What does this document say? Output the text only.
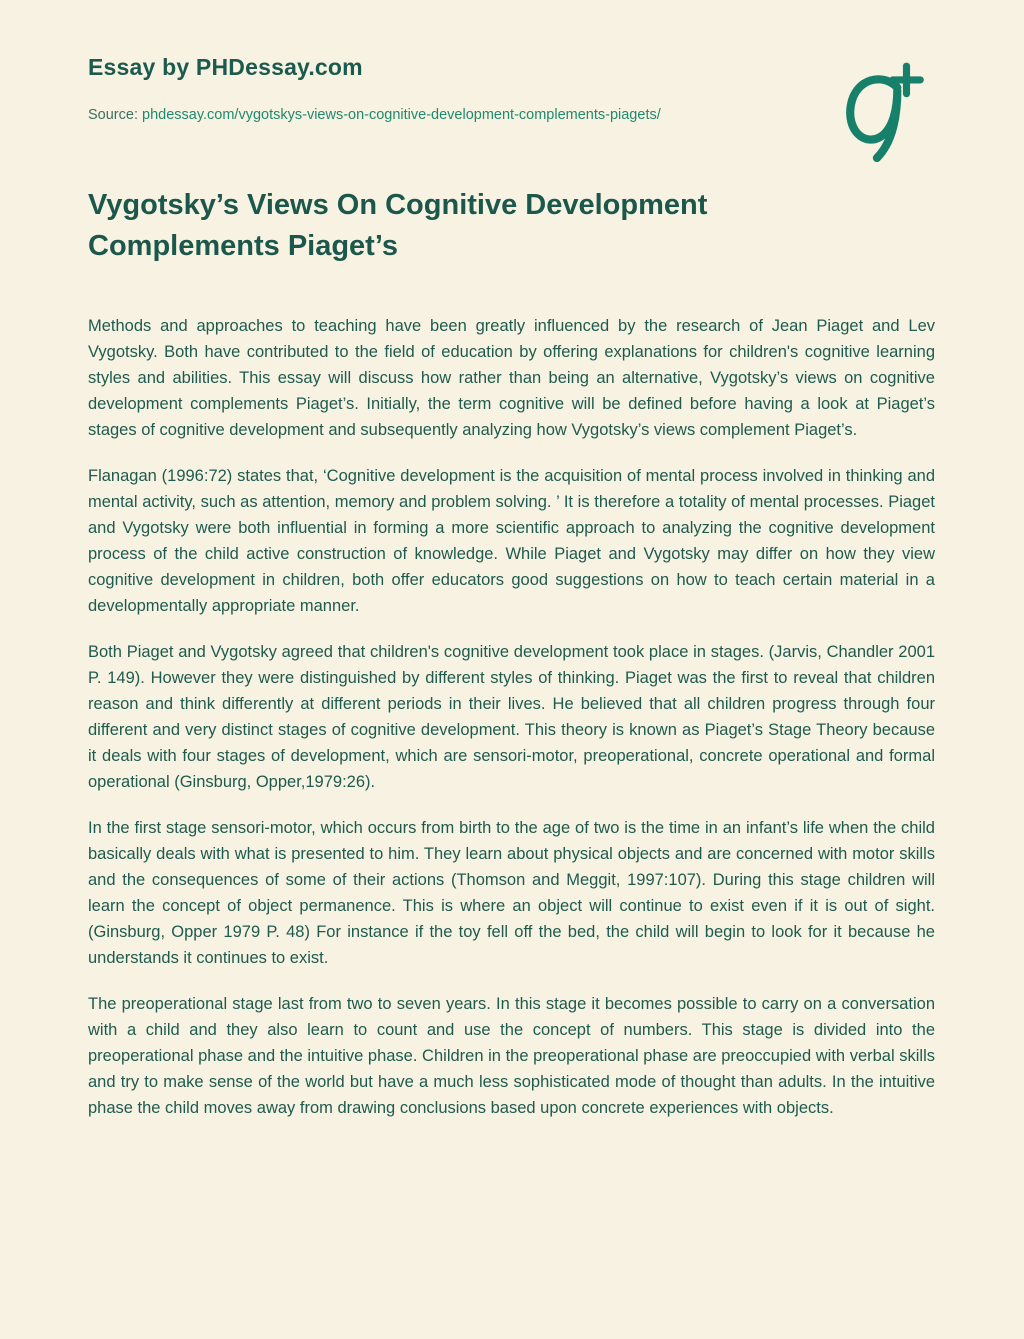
Essay by PHDessay.com

Source: phdessay.com/vygotskys-views-on-cognitive-development-complements-piagets/

Vygotsky’s Views On Cognitive Development Complements Piaget’s

Methods and approaches to teaching have been greatly influenced by the research of Jean Piaget and Lev Vygotsky. Both have contributed to the field of education by offering explanations for children's cognitive learning styles and abilities. This essay will discuss how rather than being an alternative, Vygotsky’s views on cognitive development complements Piaget’s. Initially, the term cognitive will be defined before having a look at Piaget’s stages of cognitive development and subsequently analyzing how Vygotsky’s views complement Piaget’s.

Flanagan (1996:72) states that, ‘Cognitive development is the acquisition of mental process involved in thinking and mental activity, such as attention, memory and problem solving. ’ It is therefore a totality of mental processes. Piaget and Vygotsky were both influential in forming a more scientific approach to analyzing the cognitive development process of the child active construction of knowledge. While Piaget and Vygotsky may differ on how they view cognitive development in children, both offer educators good suggestions on how to teach certain material in a developmentally appropriate manner.

Both Piaget and Vygotsky agreed that children's cognitive development took place in stages. (Jarvis, Chandler 2001 P. 149). However they were distinguished by different styles of thinking. Piaget was the first to reveal that children reason and think differently at different periods in their lives. He believed that all children progress through four different and very distinct stages of cognitive development. This theory is known as Piaget’s Stage Theory because it deals with four stages of development, which are sensori-motor, preoperational, concrete operational and formal operational (Ginsburg, Opper,1979:26).

In the first stage sensori-motor, which occurs from birth to the age of two is the time in an infant’s life when the child basically deals with what is presented to him. They learn about physical objects and are concerned with motor skills and the consequences of some of their actions (Thomson and Meggit, 1997:107). During this stage children will learn the concept of object permanence. This is where an object will continue to exist even if it is out of sight. (Ginsburg, Opper 1979 P. 48) For instance if the toy fell off the bed, the child will begin to look for it because he understands it continues to exist.

The preoperational stage last from two to seven years. In this stage it becomes possible to carry on a conversation with a child and they also learn to count and use the concept of numbers. This stage is divided into the preoperational phase and the intuitive phase. Children in the preoperational phase are preoccupied with verbal skills and try to make sense of the world but have a much less sophisticated mode of thought than adults. In the intuitive phase the child moves away from drawing conclusions based upon concrete experiences with objects.
